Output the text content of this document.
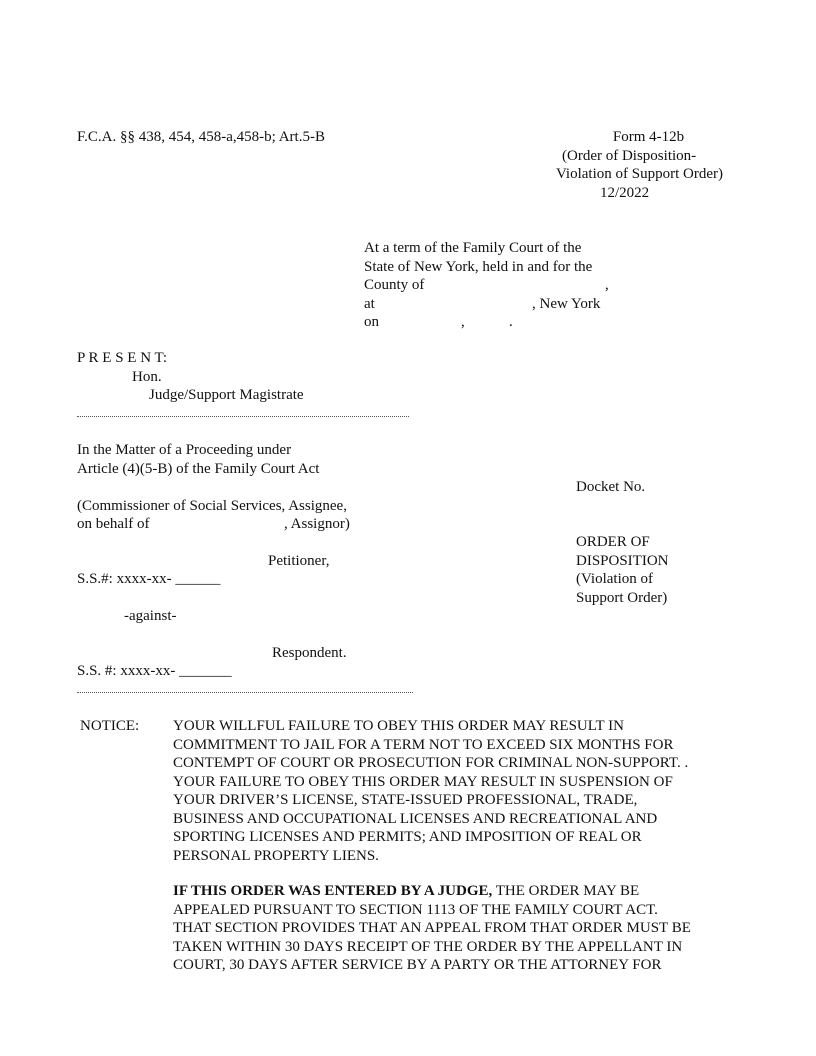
F.C.A. §§ 438, 454, 458-a,458-b; Art.5-B	Form 4-12b
(Order of Disposition-
Violation of Support Order)
12/2022
At a term of the Family Court of the
State of New York, held in and for the
County of	,
at	, New York
on	,	.
P R E S E N T:
Hon.
Judge/Support Magistrate
In the Matter of a Proceeding under
Article (4)(5-B) of the Family Court Act
(Commissioner of Social Services, Assignee,
on behalf of	, Assignor)
Petitioner,
S.S.#: xxxx-xx- ______
-against-
Respondent.
S.S. #: xxxx-xx- _______
Docket No.
ORDER OF
DISPOSITION
(Violation of
Support Order)
NOTICE: YOUR WILLFUL FAILURE TO OBEY THIS ORDER MAY RESULT IN
COMMITMENT TO JAIL FOR A TERM NOT TO EXCEED SIX MONTHS FOR
CONTEMPT OF COURT OR PROSECUTION FOR CRIMINAL NON-SUPPORT. .
YOUR FAILURE TO OBEY THIS ORDER MAY RESULT IN SUSPENSION OF
YOUR DRIVER’S LICENSE, STATE-ISSUED PROFESSIONAL, TRADE,
BUSINESS AND OCCUPATIONAL LICENSES AND RECREATIONAL AND
SPORTING LICENSES AND PERMITS; AND IMPOSITION OF REAL OR
PERSONAL PROPERTY LIENS.
IF THIS ORDER WAS ENTERED BY A JUDGE, THE ORDER MAY BE
APPEALED PURSUANT TO SECTION 1113 OF THE FAMILY COURT ACT.
THAT SECTION PROVIDES THAT AN APPEAL FROM THAT ORDER MUST BE
TAKEN WITHIN 30 DAYS RECEIPT OF THE ORDER BY THE APPELLANT IN
COURT, 30 DAYS AFTER SERVICE BY A PARTY OR THE ATTORNEY FOR
